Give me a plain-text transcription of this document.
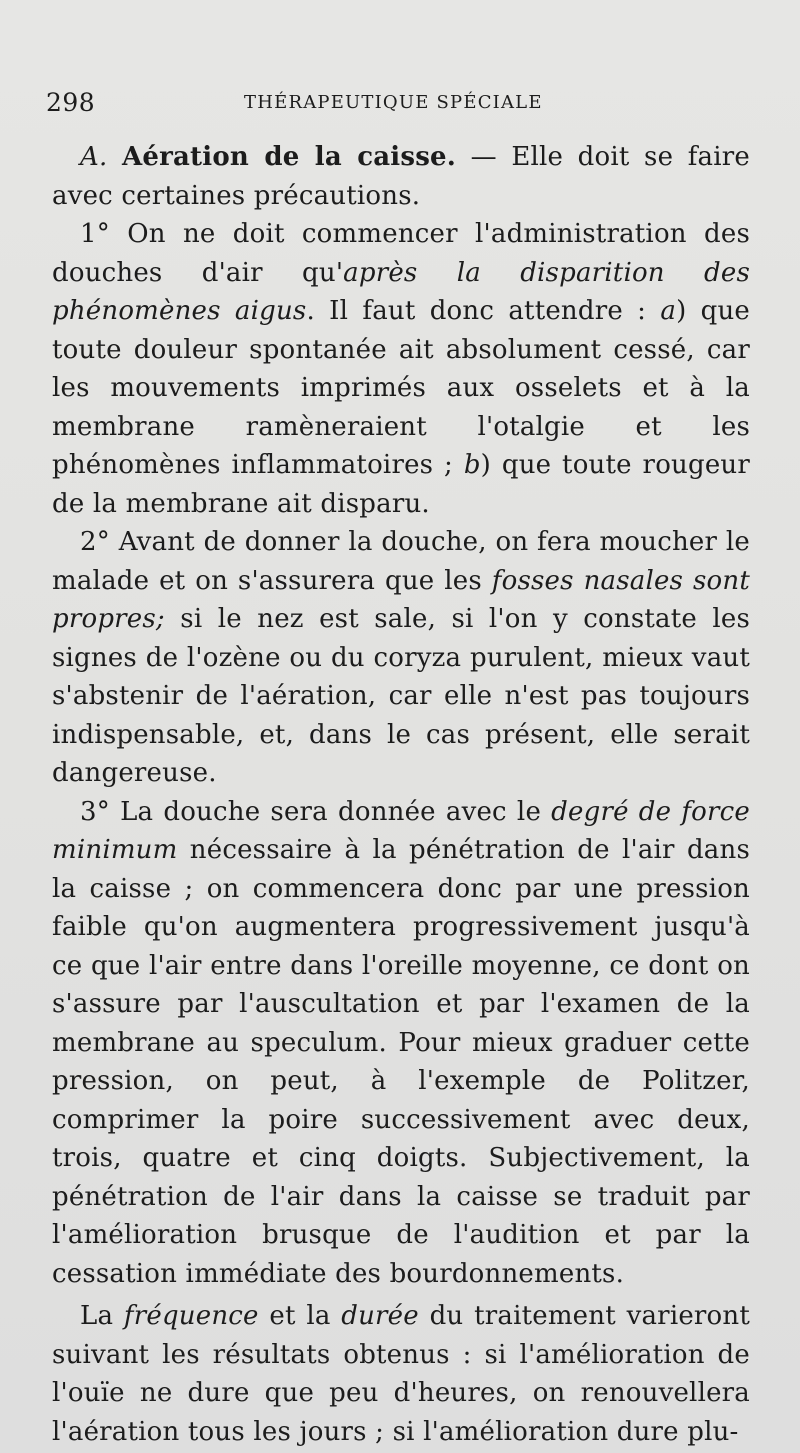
298	THÉRAPEUTIQUE SPÉCIALE

A. Aération de la caisse. — Elle doit se faire avec certaines précautions.

1° On ne doit commencer l'administration des douches d'air qu'après la disparition des phénomènes aigus. Il faut donc attendre : a) que toute douleur spontanée ait absolument cessé, car les mouvements imprimés aux osselets et à la membrane ramèneraient l'otalgie et les phénomènes inflammatoires ; b) que toute rougeur de la membrane ait disparu.

2° Avant de donner la douche, on fera moucher le malade et on s'assurera que les fosses nasales sont propres; si le nez est sale, si l'on y constate les signes de l'ozène ou du coryza purulent, mieux vaut s'abstenir de l'aération, car elle n'est pas toujours indispensable, et, dans le cas présent, elle serait dangereuse.

3° La douche sera donnée avec le degré de force minimum nécessaire à la pénétration de l'air dans la caisse ; on commencera donc par une pression faible qu'on augmentera progressivement jusqu'à ce que l'air entre dans l'oreille moyenne, ce dont on s'assure par l'auscultation et par l'examen de la membrane au speculum. Pour mieux graduer cette pression, on peut, à l'exemple de Politzer, comprimer la poire successivement avec deux, trois, quatre et cinq doigts. Subjectivement, la pénétration de l'air dans la caisse se traduit par l'amélioration brusque de l'audition et par la cessation immédiate des bourdonnements.

La fréquence et la durée du traitement varieront suivant les résultats obtenus : si l'amélioration de l'ouïe ne dure que peu d'heures, on renouvellera l'aération tous les jours ; si l'amélioration dure plu-
